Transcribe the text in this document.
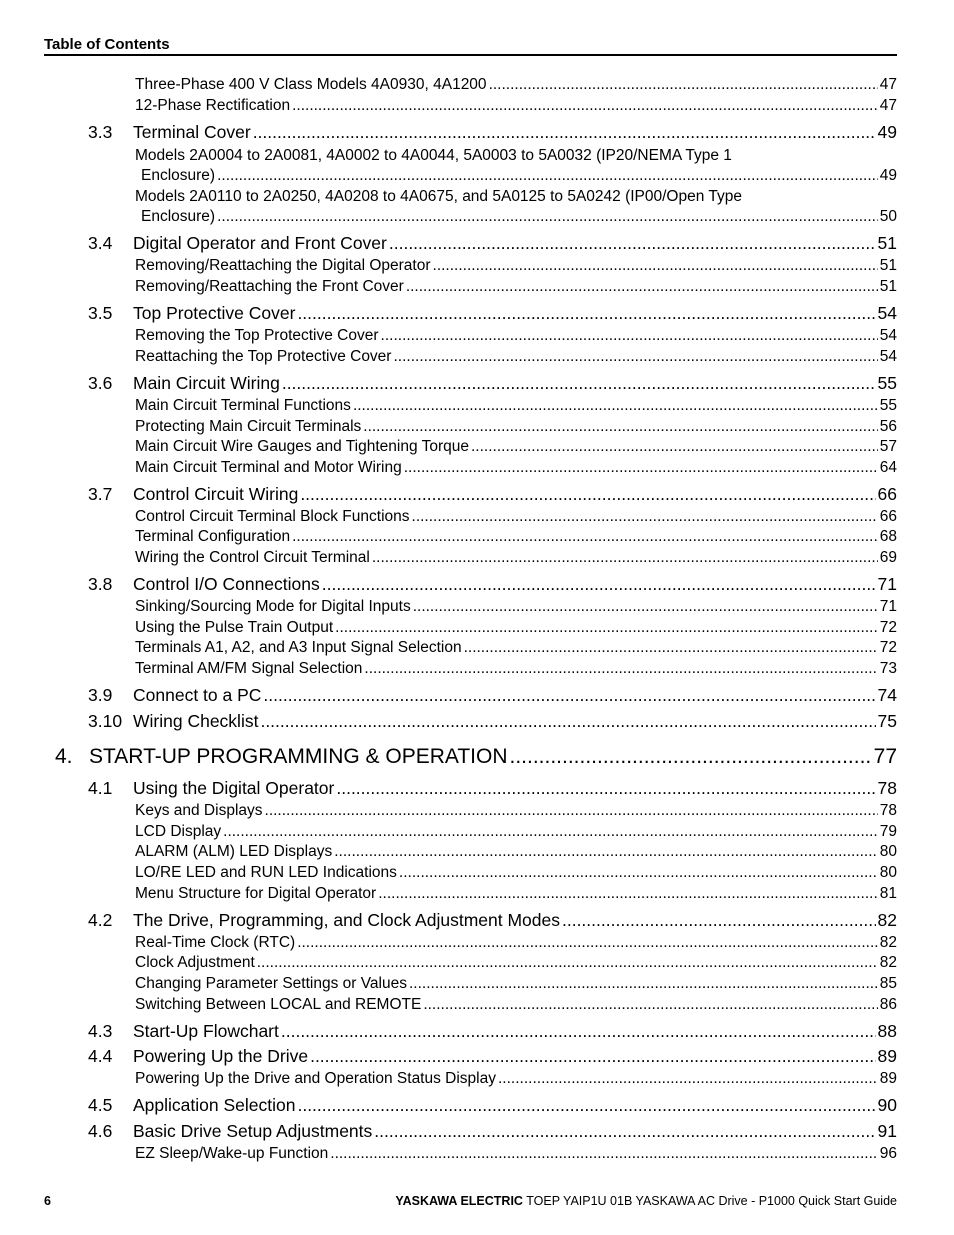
Table of Contents
Three-Phase 400 V Class Models 4A0930, 4A1200 .....	47
12-Phase Rectification .....	47
3.3 Terminal Cover .....	49
Models 2A0004 to 2A0081, 4A0002 to 4A0044, 5A0003 to 5A0032 (IP20/NEMA Type 1
Enclosure) .....	49
Models 2A0110 to 2A0250, 4A0208 to 4A0675, and 5A0125 to 5A0242 (IP00/Open Type
Enclosure) .....	50
3.4 Digital Operator and Front Cover .....	51
Removing/Reattaching the Digital Operator .....	51
Removing/Reattaching the Front Cover .....	51
3.5 Top Protective Cover .....	54
Removing the Top Protective Cover .....	54
Reattaching the Top Protective Cover .....	54
3.6 Main Circuit Wiring .....	55
Main Circuit Terminal Functions .....	55
Protecting Main Circuit Terminals .....	56
Main Circuit Wire Gauges and Tightening Torque .....	57
Main Circuit Terminal and Motor Wiring .....	64
3.7 Control Circuit Wiring .....	66
Control Circuit Terminal Block Functions .....	66
Terminal Configuration .....	68
Wiring the Control Circuit Terminal .....	69
3.8 Control I/O Connections .....	71
Sinking/Sourcing Mode for Digital Inputs .....	71
Using the Pulse Train Output .....	72
Terminals A1, A2, and A3 Input Signal Selection .....	72
Terminal AM/FM Signal Selection .....	73
3.9 Connect to a PC .....	74
3.10 Wiring Checklist .....	75
4. START-UP PROGRAMMING & OPERATION .....	77
4.1 Using the Digital Operator .....	78
Keys and Displays .....	78
LCD Display .....	79
ALARM (ALM) LED Displays .....	80
LO/RE LED and RUN LED Indications .....	80
Menu Structure for Digital Operator .....	81
4.2 The Drive, Programming, and Clock Adjustment Modes .....	82
Real-Time Clock (RTC) .....	82
Clock Adjustment .....	82
Changing Parameter Settings or Values .....	85
Switching Between LOCAL and REMOTE .....	86
4.3 Start-Up Flowchart .....	88
4.4 Powering Up the Drive .....	89
Powering Up the Drive and Operation Status Display .....	89
4.5 Application Selection .....	90
4.6 Basic Drive Setup Adjustments .....	91
EZ Sleep/Wake-up Function .....	96
6	YASKAWA ELECTRIC TOEP YAIP1U 01B YASKAWA AC Drive - P1000 Quick Start Guide
